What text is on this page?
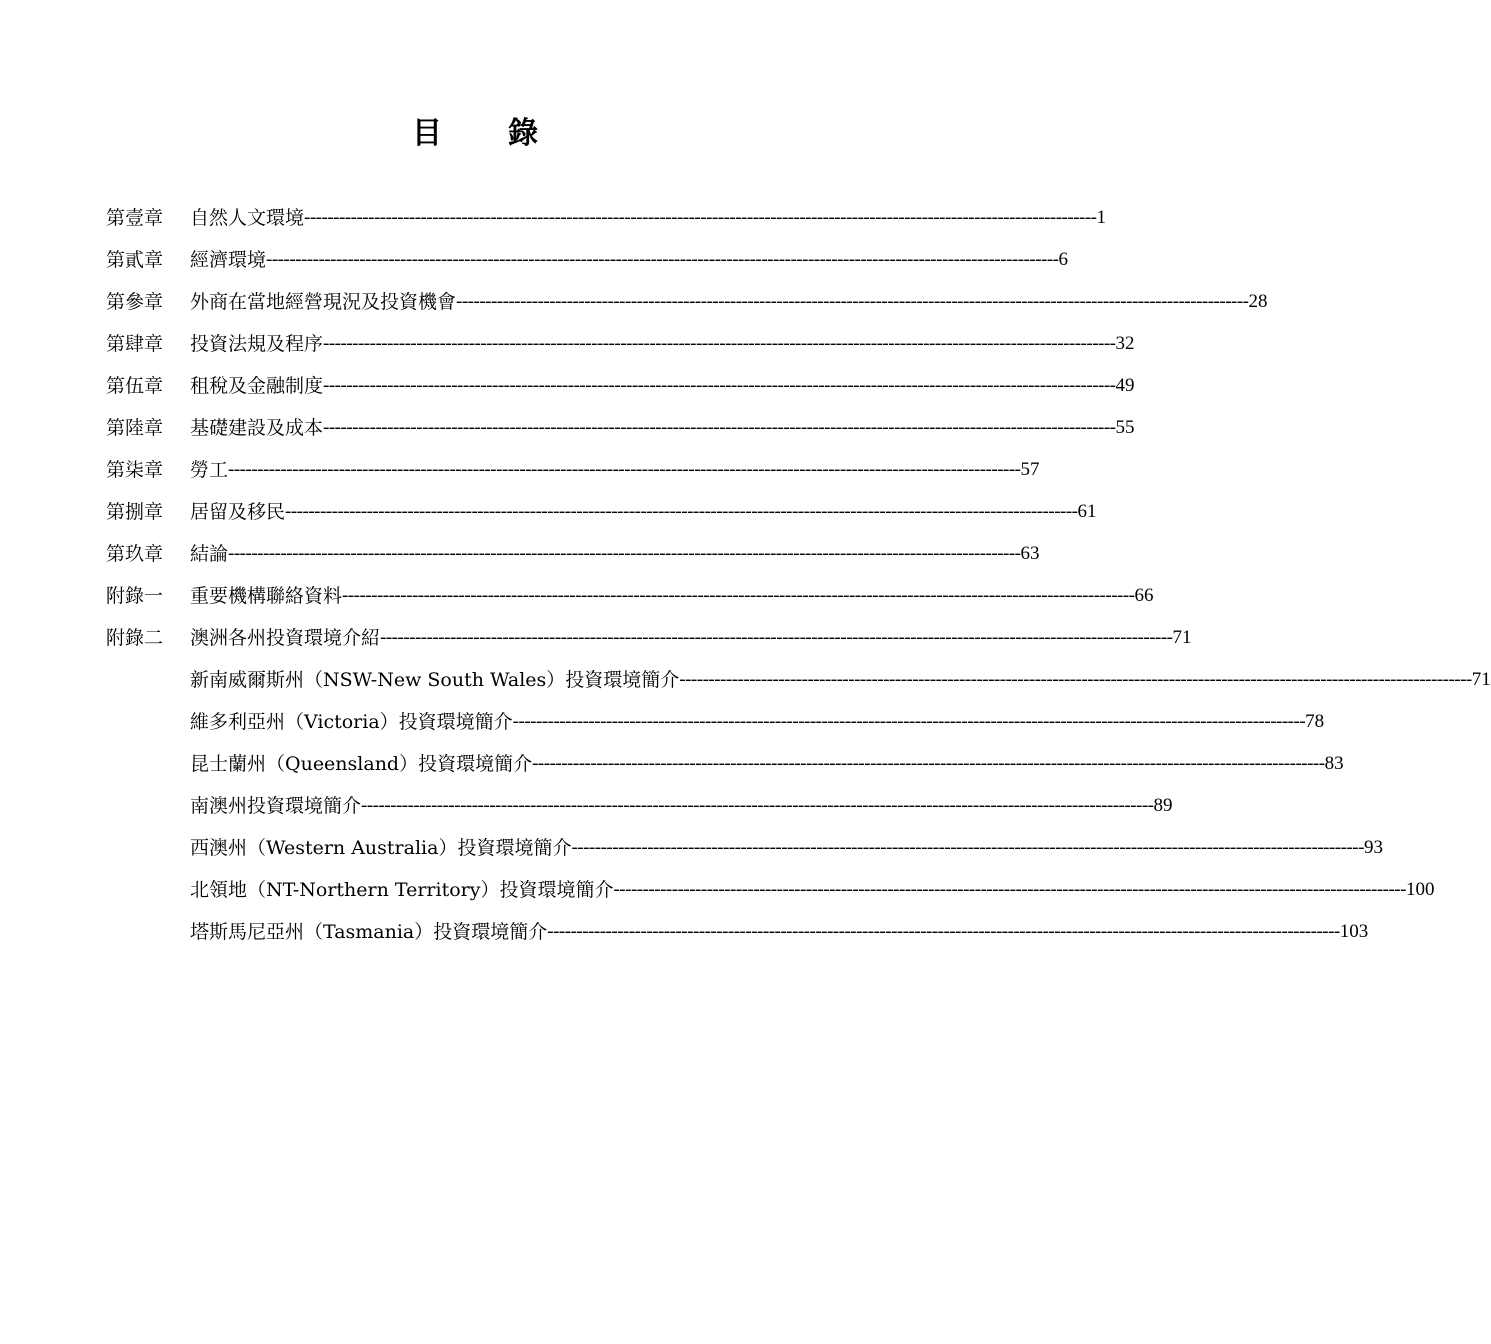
目 錄
第壹章	自然人文環境 ---------------------------------------------------------------------------------------------------------------------------------------- 1
第貳章	經濟環境 ---------------------------------------------------------------------------------------------------------------------------------------- 6
第參章	外商在當地經營現況及投資機會 ---------------------------------------------------------------------------------------------------------------------------------------- 28
第肆章	投資法規及程序 ---------------------------------------------------------------------------------------------------------------------------------------- 32
第伍章	租稅及金融制度 ---------------------------------------------------------------------------------------------------------------------------------------- 49
第陸章	基礎建設及成本 ---------------------------------------------------------------------------------------------------------------------------------------- 55
第柒章	勞工 ---------------------------------------------------------------------------------------------------------------------------------------- 57
第捌章	居留及移民 ---------------------------------------------------------------------------------------------------------------------------------------- 61
第玖章	結論 ---------------------------------------------------------------------------------------------------------------------------------------- 63
附錄一	重要機構聯絡資料 ---------------------------------------------------------------------------------------------------------------------------------------- 66
附錄二	澳洲各州投資環境介紹 ---------------------------------------------------------------------------------------------------------------------------------------- 71
新南威爾斯州（NSW-New South Wales）投資環境簡介 ---------------------------------------------------------------------------------------------------------------------------------------- 71
維多利亞州（Victoria）投資環境簡介 ---------------------------------------------------------------------------------------------------------------------------------------- 78
昆士蘭州（Queensland）投資環境簡介 ---------------------------------------------------------------------------------------------------------------------------------------- 83
南澳州投資環境簡介 ---------------------------------------------------------------------------------------------------------------------------------------- 89
西澳州（Western Australia）投資環境簡介 ---------------------------------------------------------------------------------------------------------------------------------------- 93
北領地（NT-Northern Territory）投資環境簡介 ---------------------------------------------------------------------------------------------------------------------------------------- 100
塔斯馬尼亞州（Tasmania）投資環境簡介 ---------------------------------------------------------------------------------------------------------------------------------------- 103
